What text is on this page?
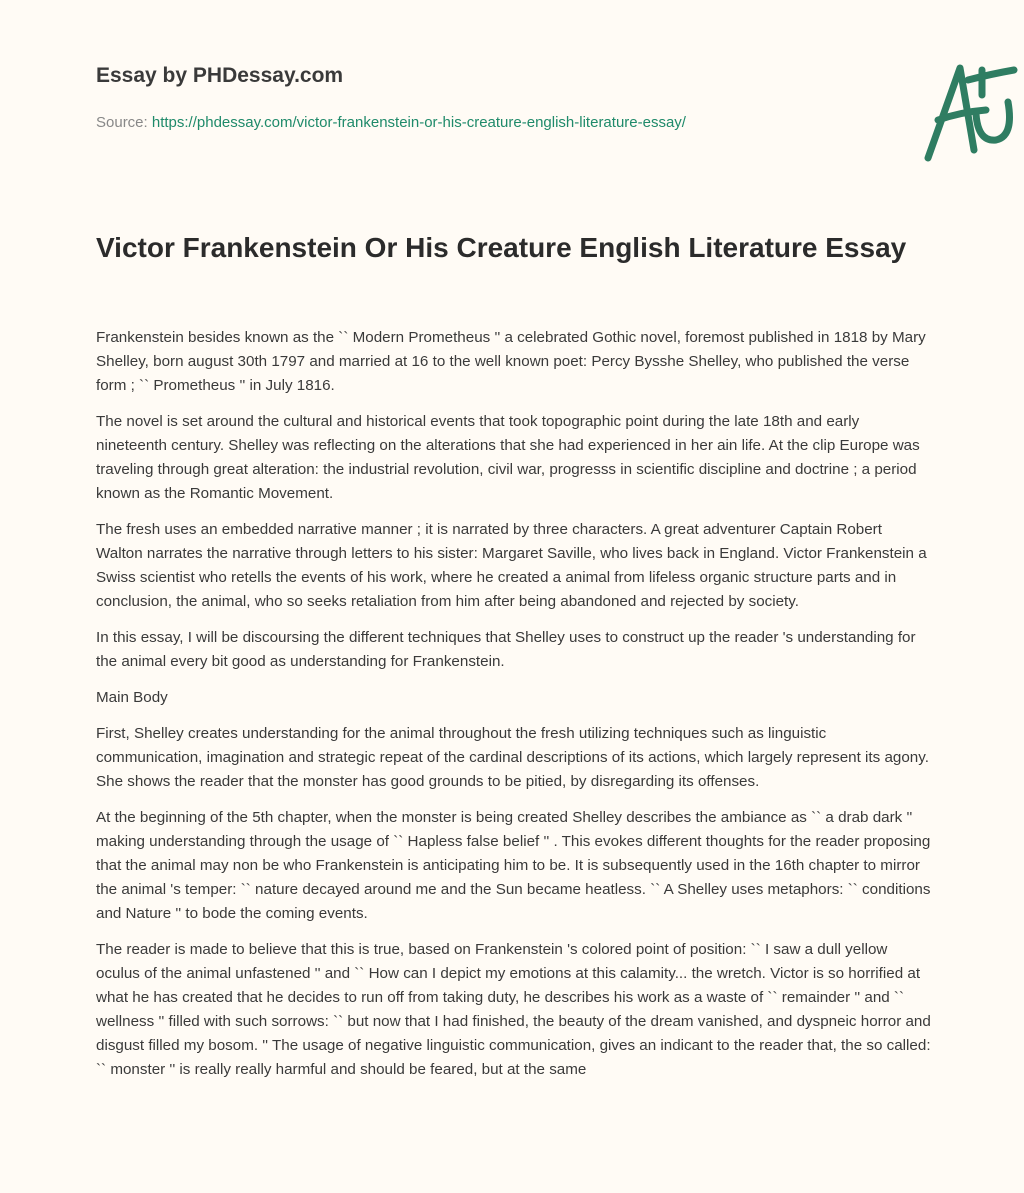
Essay by PHDessay.com

Source: https://phdessay.com/victor-frankenstein-or-his-creature-english-literature-essay/
Victor Frankenstein Or His Creature English Literature Essay

Frankenstein besides known as the `` Modern Prometheus '' a celebrated Gothic novel, foremost published in 1818 by Mary Shelley, born august 30th 1797 and married at 16 to the well known poet: Percy Bysshe Shelley, who published the verse form ; `` Prometheus '' in July 1816.

The novel is set around the cultural and historical events that took topographic point during the late 18th and early nineteenth century. Shelley was reflecting on the alterations that she had experienced in her ain life. At the clip Europe was traveling through great alteration: the industrial revolution, civil war, progresss in scientific discipline and doctrine ; a period known as the Romantic Movement.

The fresh uses an embedded narrative manner ; it is narrated by three characters. A great adventurer Captain Robert Walton narrates the narrative through letters to his sister: Margaret Saville, who lives back in England. Victor Frankenstein a Swiss scientist who retells the events of his work, where he created a animal from lifeless organic structure parts and in conclusion, the animal, who so seeks retaliation from him after being abandoned and rejected by society.

In this essay, I will be discoursing the different techniques that Shelley uses to construct up the reader 's understanding for the animal every bit good as understanding for Frankenstein.

Main Body

First, Shelley creates understanding for the animal throughout the fresh utilizing techniques such as linguistic communication, imagination and strategic repeat of the cardinal descriptions of its actions, which largely represent its agony. She shows the reader that the monster has good grounds to be pitied, by disregarding its offenses.

At the beginning of the 5th chapter, when the monster is being created Shelley describes the ambiance as `` a drab dark '' making understanding through the usage of `` Hapless false belief '' . This evokes different thoughts for the reader proposing that the animal may non be who Frankenstein is anticipating him to be. It is subsequently used in the 16th chapter to mirror the animal 's temper: `` nature decayed around me and the Sun became heatless. `` A Shelley uses metaphors: `` conditions and Nature '' to bode the coming events.

The reader is made to believe that this is true, based on Frankenstein 's colored point of position: `` I saw a dull yellow oculus of the animal unfastened '' and `` How can I depict my emotions at this calamity... the wretch. Victor is so horrified at what he has created that he decides to run off from taking duty, he describes his work as a waste of `` remainder '' and `` wellness '' filled with such sorrows: `` but now that I had finished, the beauty of the dream vanished, and dyspneic horror and disgust filled my bosom. '' The usage of negative linguistic communication, gives an indicant to the reader that, the so called: `` monster '' is really really harmful and should be feared, but at the same
